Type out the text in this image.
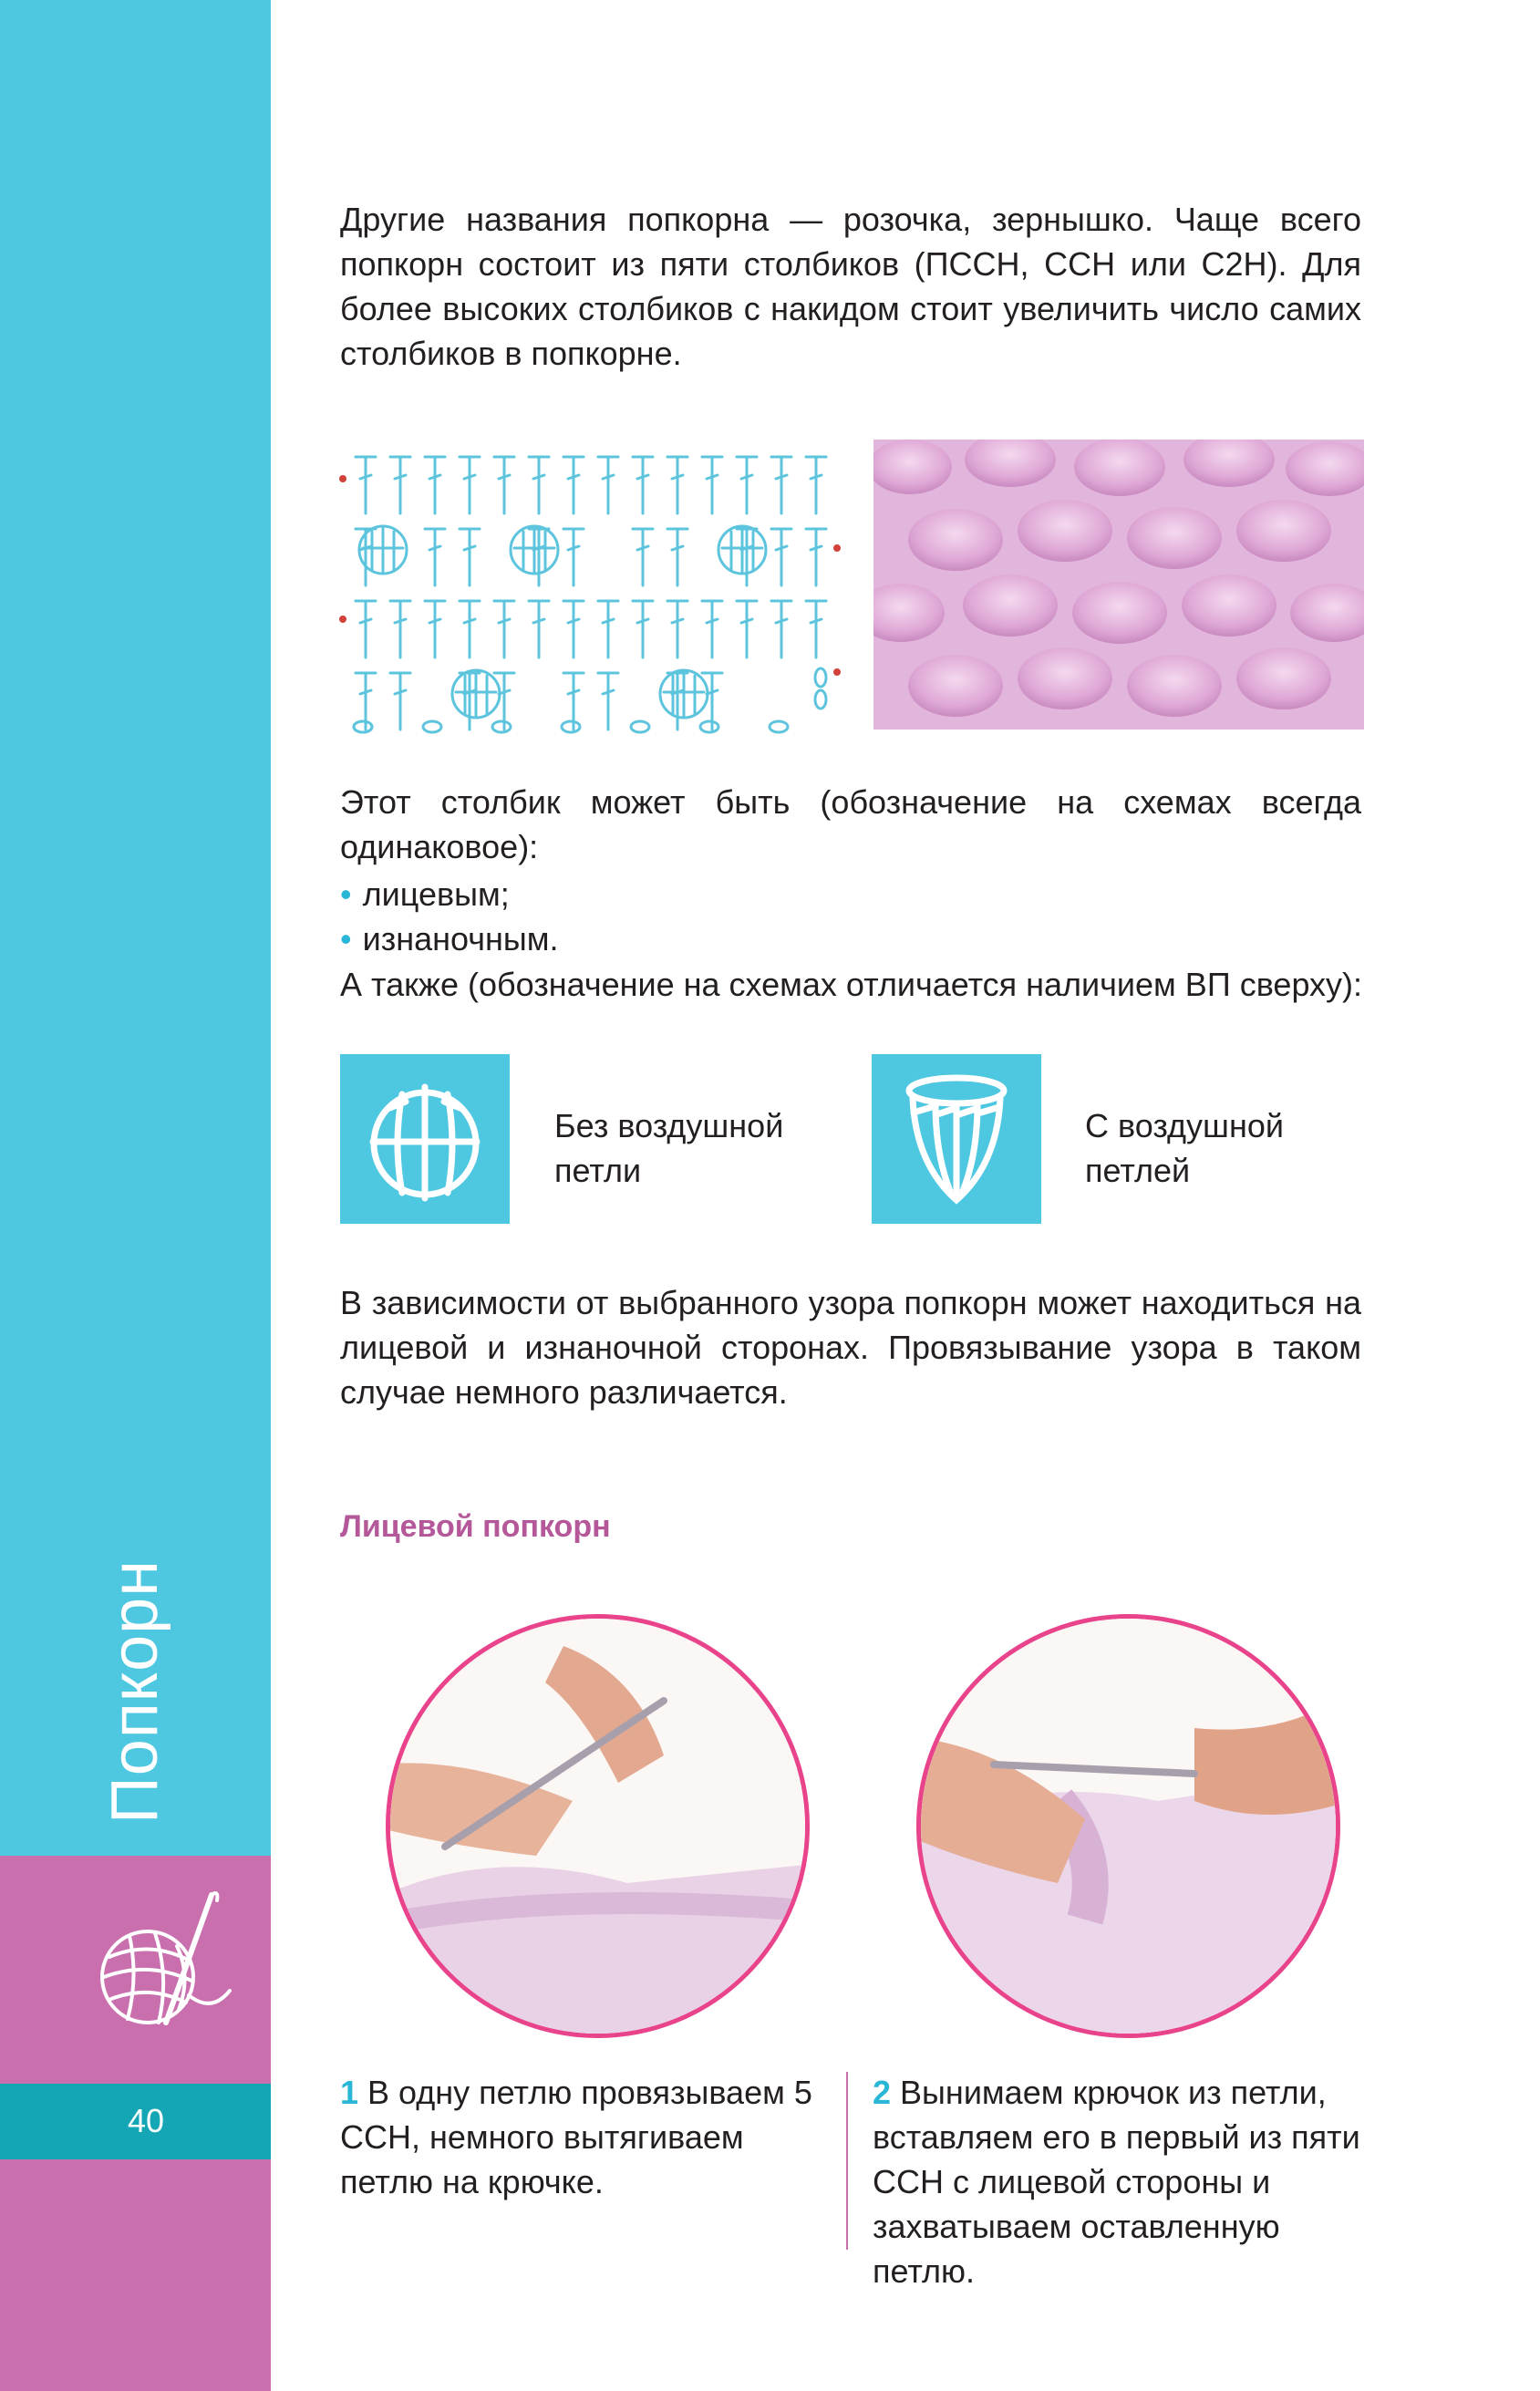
Попкорн
40

Другие названия попкорна — розочка, зернышко. Чаще всего попкорн состоит из пяти столбиков (ПССН, ССН или С2Н). Для более высоких столбиков с накидом стоит увеличить число самих столбиков в попкорне.

Этот столбик может быть (обозначение на схемах всегда одинаковое):

• лицевым;
• изнаночным.
А также (обозначение на схемах отличается наличием ВП сверху):
Без воздушной
петли
С воздушной
петлей

В зависимости от выбранного узора попкорн может находиться на лицевой и изнаночной сторонах. Провязывание узора в таком случае немного различается.

Лицевой попкорн
1 В одну петлю провязываем 5 ССН, немного вытягиваем петлю на крючке.
2 Вынимаем крючок из петли, вставляем его в первый из пяти ССН с лицевой стороны и захватываем оставленную петлю.
